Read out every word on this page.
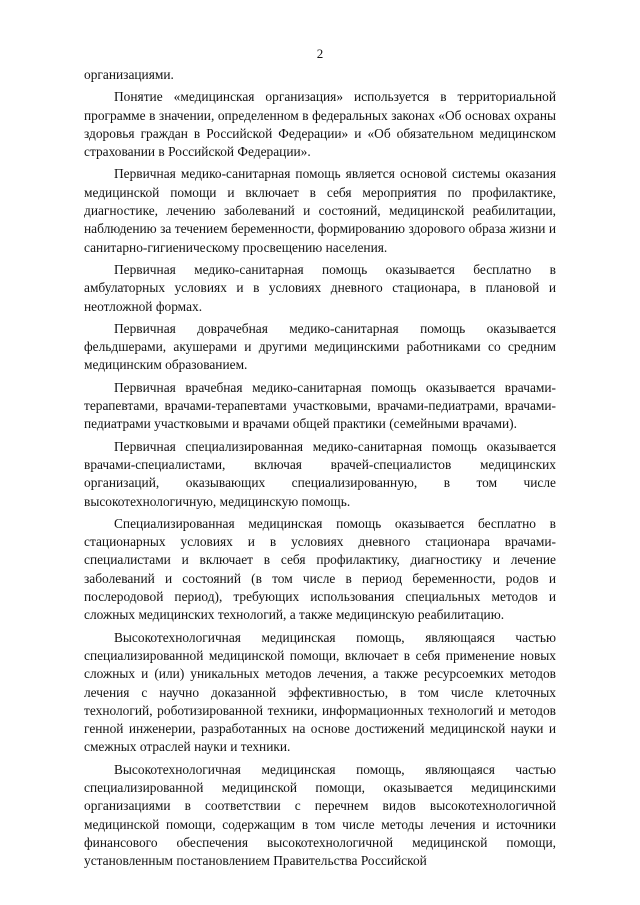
2

организациями.

Понятие «медицинская организация» используется в территориальной программе в значении, определенном в федеральных законах «Об основах охраны здоровья граждан в Российской Федерации» и «Об обязательном медицинском страховании в Российской Федерации».

Первичная медико-санитарная помощь является основой системы оказания медицинской помощи и включает в себя мероприятия по профилактике, диагностике, лечению заболеваний и состояний, медицинской реабилитации, наблюдению за течением беременности, формированию здорового образа жизни и санитарно-гигиеническому просвещению населения.

Первичная медико-санитарная помощь оказывается бесплатно в амбулаторных условиях и в условиях дневного стационара, в плановой и неотложной формах.

Первичная доврачебная медико-санитарная помощь оказывается фельдшерами, акушерами и другими медицинскими работниками со средним медицинским образованием.

Первичная врачебная медико-санитарная помощь оказывается врачами-терапевтами, врачами-терапевтами участковыми, врачами-педиатрами, врачами-педиатрами участковыми и врачами общей практики (семейными врачами).

Первичная специализированная медико-санитарная помощь оказывается врачами-специалистами, включая врачей-специалистов медицинских организаций, оказывающих специализированную, в том числе высокотехнологичную, медицинскую помощь.

Специализированная медицинская помощь оказывается бесплатно в стационарных условиях и в условиях дневного стационара врачами-специалистами и включает в себя профилактику, диагностику и лечение заболеваний и состояний (в том числе в период беременности, родов и послеродовой период), требующих использования специальных методов и сложных медицинских технологий, а также медицинскую реабилитацию.

Высокотехнологичная медицинская помощь, являющаяся частью специализированной медицинской помощи, включает в себя применение новых сложных и (или) уникальных методов лечения, а также ресурсоемких методов лечения с научно доказанной эффективностью, в том числе клеточных технологий, роботизированной техники, информационных технологий и методов генной инженерии, разработанных на основе достижений медицинской науки и смежных отраслей науки и техники.

Высокотехнологичная медицинская помощь, являющаяся частью специализированной медицинской помощи, оказывается медицинскими организациями в соответствии с перечнем видов высокотехнологичной медицинской помощи, содержащим в том числе методы лечения и источники финансового обеспечения высокотехнологичной медицинской помощи, установленным постановлением Правительства Российской
